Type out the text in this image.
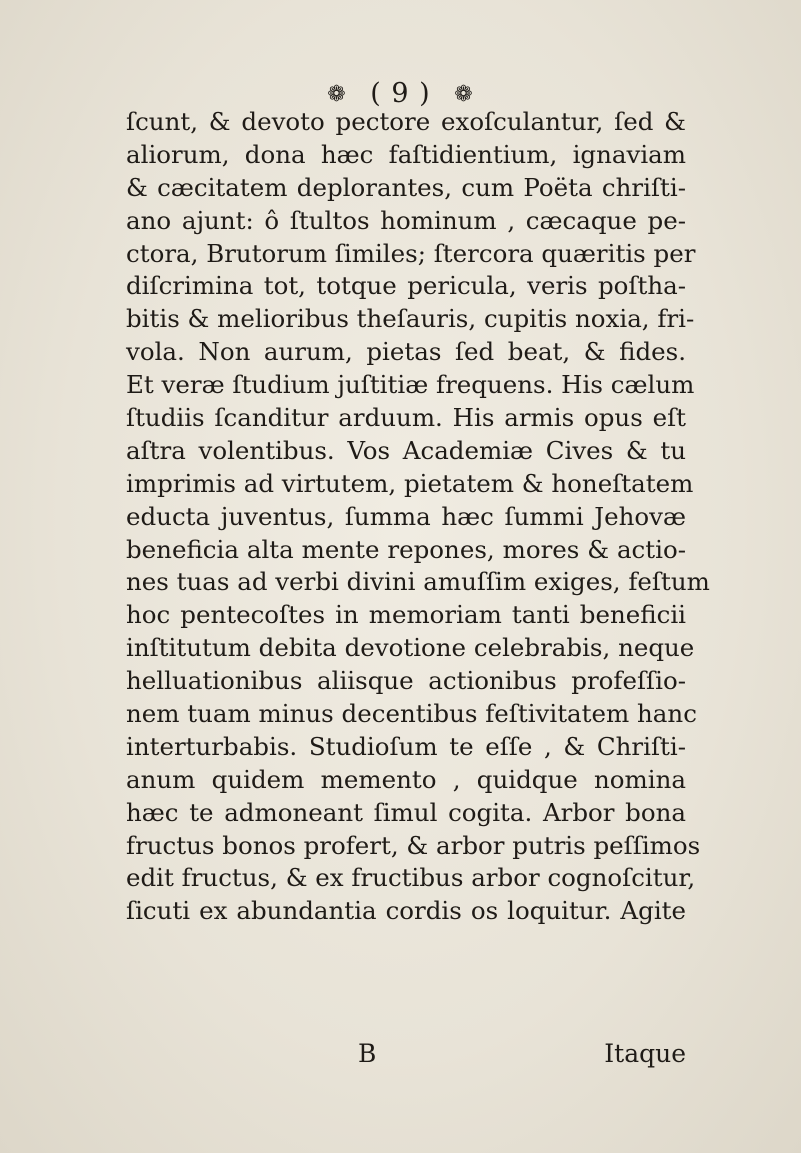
❁ ( 9 ) ❁
ſcunt, & devoto pectore exoſculantur, ſed &
aliorum, dona hæc faſtidientium, ignaviam
& cæcitatem deplorantes, cum Poëta chriſti-
ano ajunt: ô ſtultos hominum , cæcaque pe-
ctora, Brutorum ſimiles; ſtercora quæritis per
diſcrimina tot, totque pericula, veris poſtha-
bitis & melioribus theſauris, cupitis noxia, fri-
vola. Non aurum, pietas ſed beat, & fides.
Et veræ ſtudium juſtitiæ frequens. His cælum
ſtudiis ſcanditur arduum. His armis opus eſt
aſtra volentibus. Vos Academiæ Cives & tu
imprimis ad virtutem, pietatem & honeſtatem
educta juventus, ſumma hæc ſummi Jehovæ
beneficia alta mente repones, mores & actio-
nes tuas ad verbi divini amuſſim exiges, feſtum
hoc pentecoſtes in memoriam tanti beneficii
inſtitutum debita devotione celebrabis, neque
helluationibus aliisque actionibus profeſſio-
nem tuam minus decentibus feſtivitatem hanc
interturbabis. Studioſum te eſſe , & Chriſti-
anum quidem memento , quidque nomina
hæc te admoneant ſimul cogita. Arbor bona
fructus bonos profert, & arbor putris peſſimos
edit fructus, & ex fructibus arbor cognoſcitur,
ſicuti ex abundantia cordis os loquitur. Agite
B	Itaque
